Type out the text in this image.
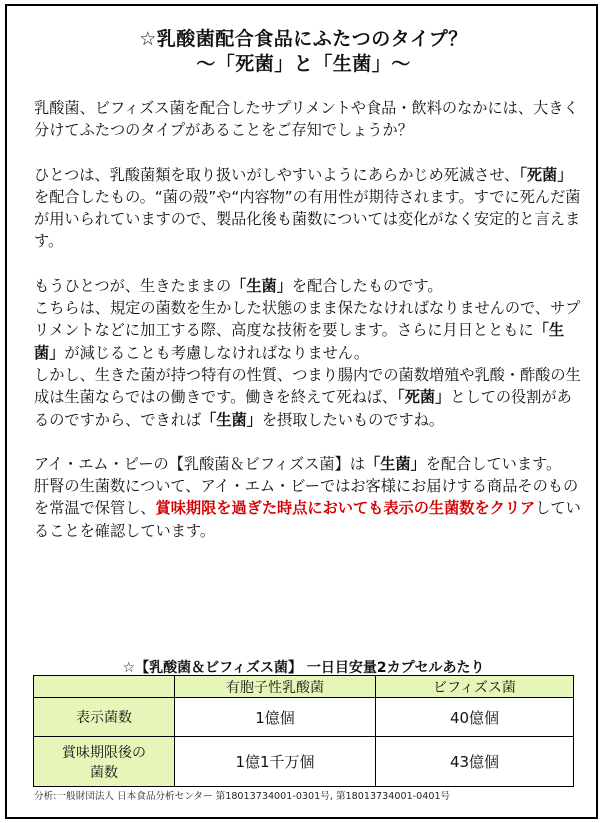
☆乳酸菌配合食品にふたつのタイプ？
～「死菌」と「生菌」～

乳酸菌、ビフィズス菌を配合したサプリメントや食品・飲料のなかには、大きく分けてふたつのタイプがあることをご存知でしょうか？

ひとつは、乳酸菌類を取り扱いがしやすいようにあらかじめ死滅させ、「死菌」を配合したもの。“菌の殻”や“内容物”の有用性が期待されます。すでに死んだ菌が用いられていますので、製品化後も菌数については変化がなく安定的と言えます。

もうひとつが、生きたままの「生菌」を配合したものです。
こちらは、規定の菌数を生かした状態のまま保たなければなりませんので、サプリメントなどに加工する際、高度な技術を要します。さらに月日とともに「生菌」が減じることも考慮しなければなりません。
しかし、生きた菌が持つ特有の性質、つまり腸内での菌数増殖や乳酸・酢酸の生成は生菌ならではの働きです。働きを終えて死ねば、「死菌」としての役割があるのですから、できれば「生菌」を摂取したいものですね。

アイ・エム・ビーの【乳酸菌＆ビフィズス菌】は「生菌」を配合しています。
肝腎の生菌数について、アイ・エム・ビーではお客様にお届けする商品そのものを常温で保管し、賞味期限を過ぎた時点においても表示の生菌数をクリアしていることを確認しています。

☆【乳酸菌＆ビフィズス菌】 一日目安量2カプセルあたり
	有胞子性乳酸菌	ビフィズス菌
表示菌数	1億個	40億個
賞味期限後の
菌数	1億1千万個	43億個
分析:一般財団法人 日本食品分析センター 第18013734001-0301号, 第18013734001-0401号
